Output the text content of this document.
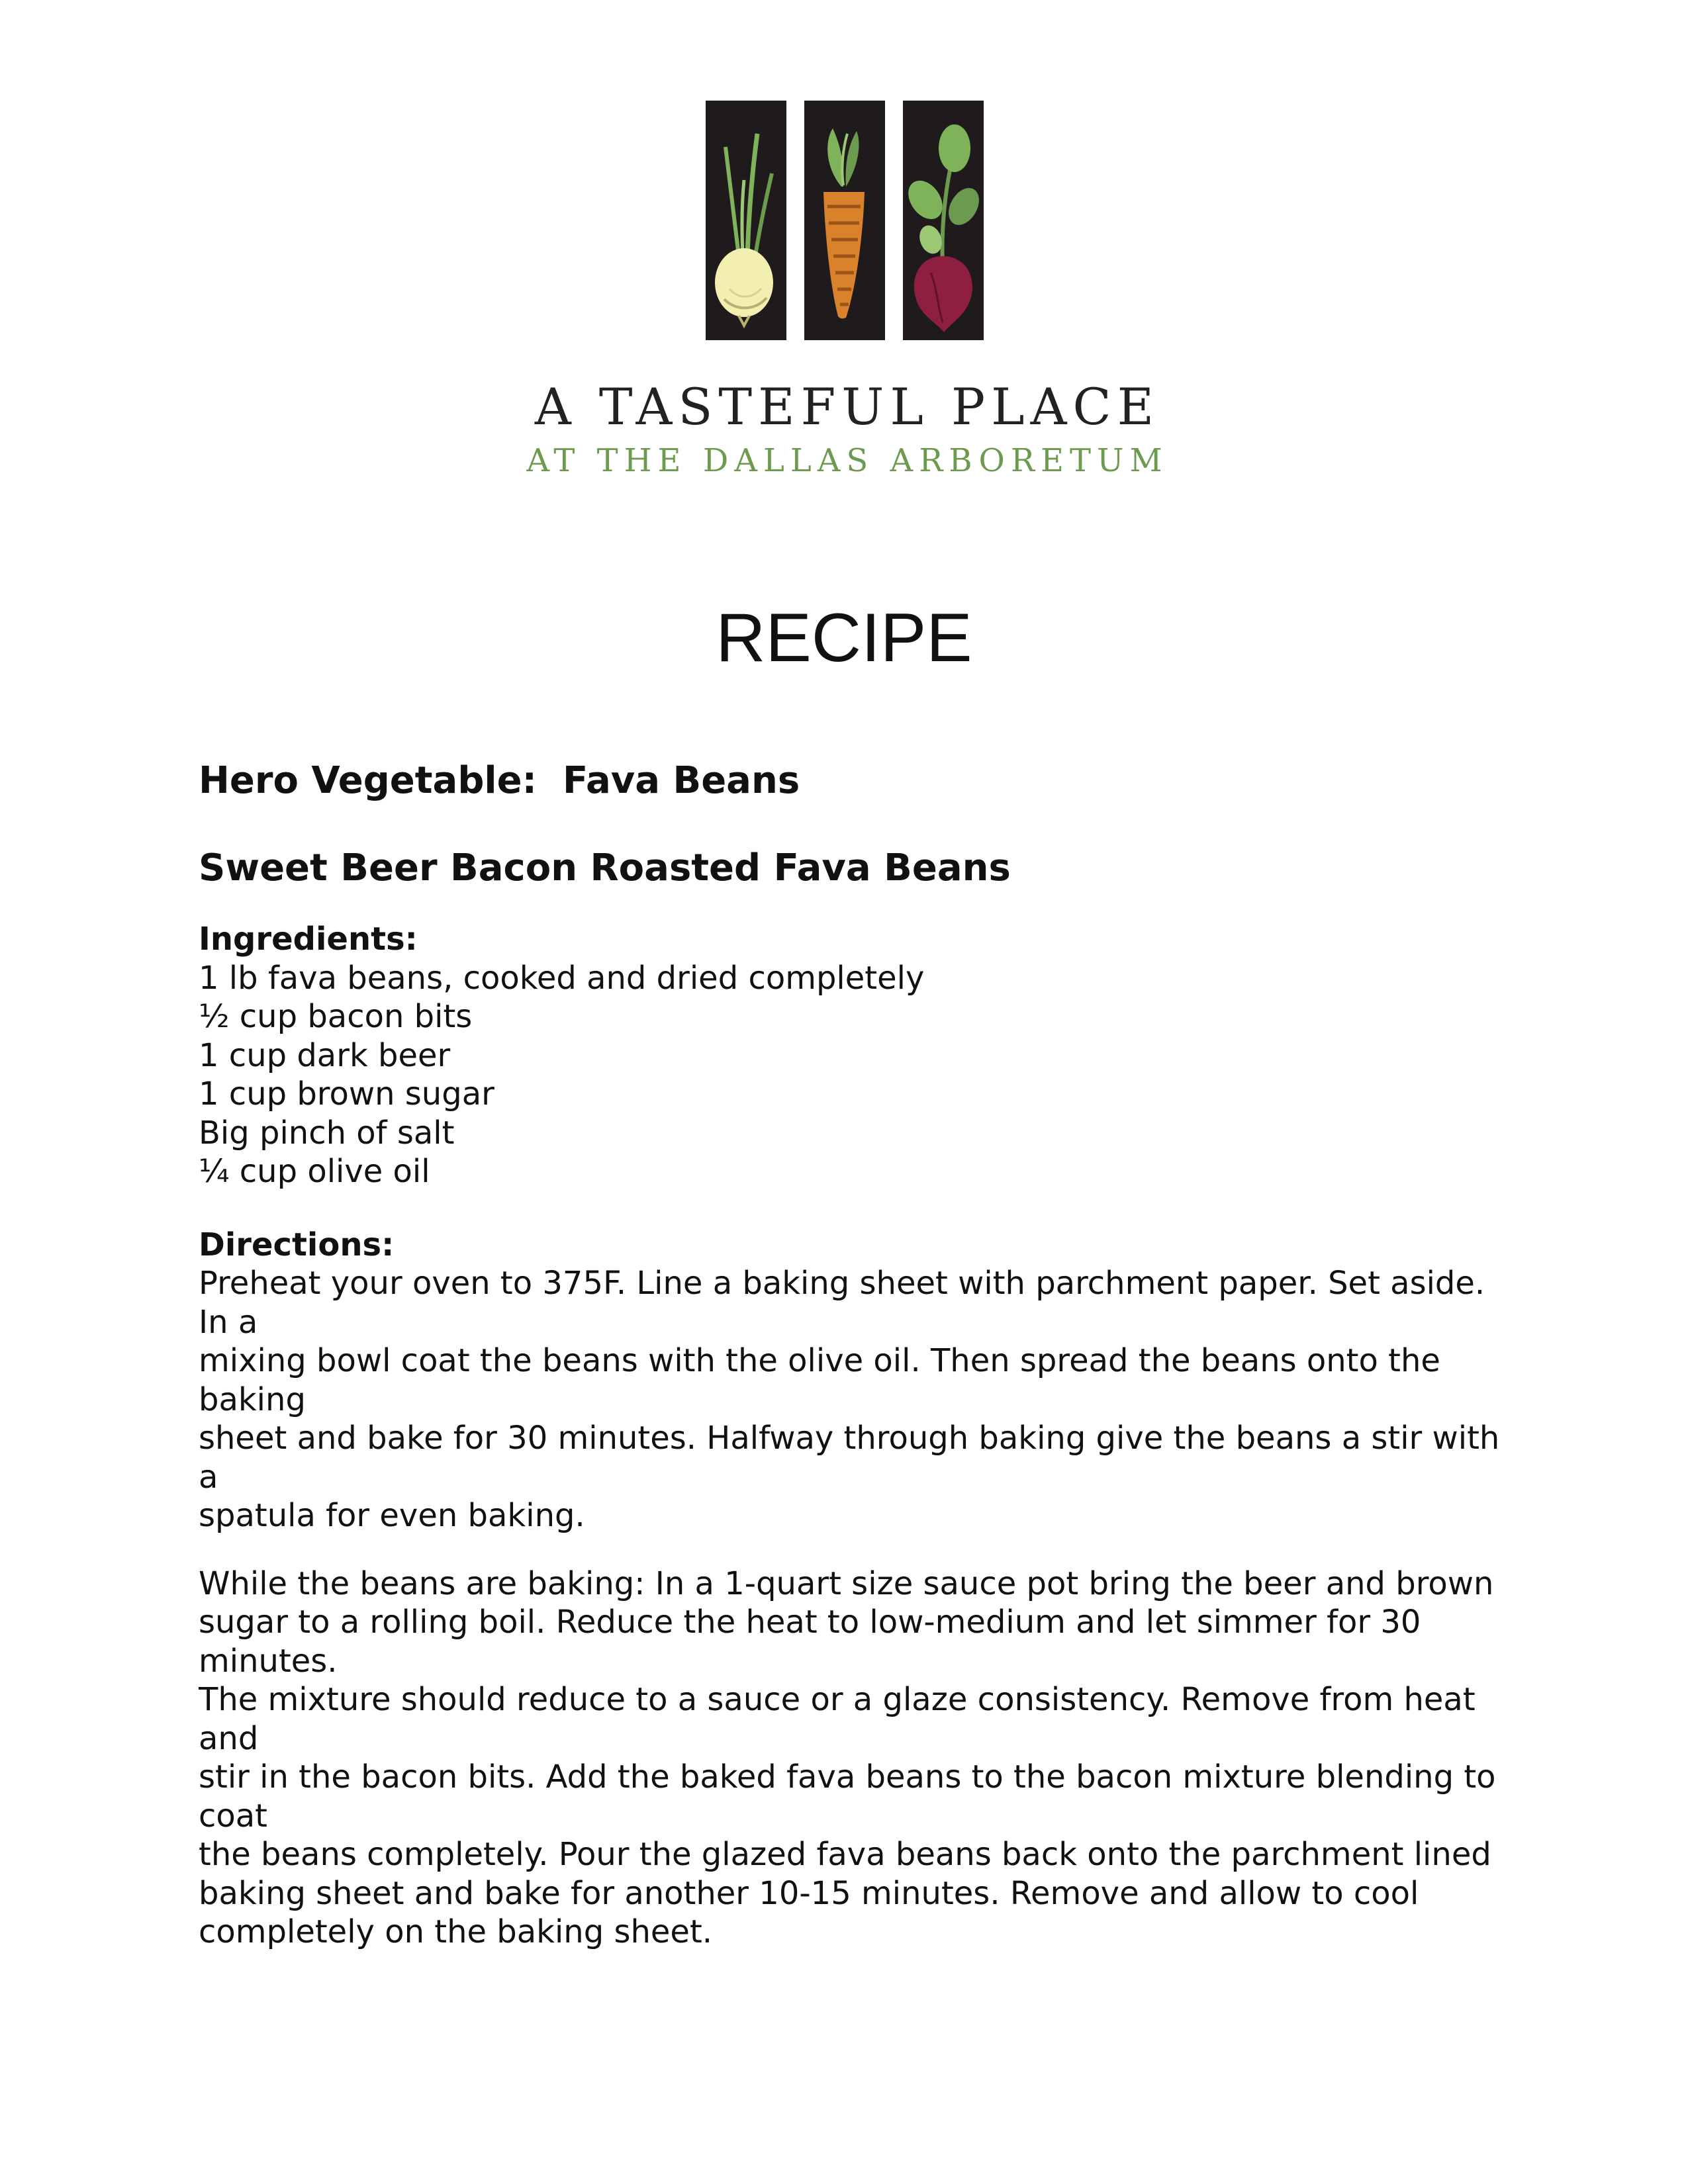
A TASTEFUL PLACE
AT THE DALLAS ARBORETUM
RECIPE
Hero Vegetable:  Fava Beans
Sweet Beer Bacon Roasted Fava Beans
Ingredients:
1 lb fava beans, cooked and dried completely
½ cup bacon bits
1 cup dark beer
1 cup brown sugar
Big pinch of salt
¼ cup olive oil
Directions:

Preheat your oven to 375F. Line a baking sheet with parchment paper. Set aside. In a
mixing bowl coat the beans with the olive oil. Then spread the beans onto the baking
sheet and bake for 30 minutes. Halfway through baking give the beans a stir with a
spatula for even baking.

While the beans are baking: In a 1-quart size sauce pot bring the beer and brown
sugar to a rolling boil. Reduce the heat to low-medium and let simmer for 30 minutes.
The mixture should reduce to a sauce or a glaze consistency. Remove from heat and
stir in the bacon bits. Add the baked fava beans to the bacon mixture blending to coat
the beans completely. Pour the glazed fava beans back onto the parchment lined
baking sheet and bake for another 10-15 minutes. Remove and allow to cool
completely on the baking sheet.
